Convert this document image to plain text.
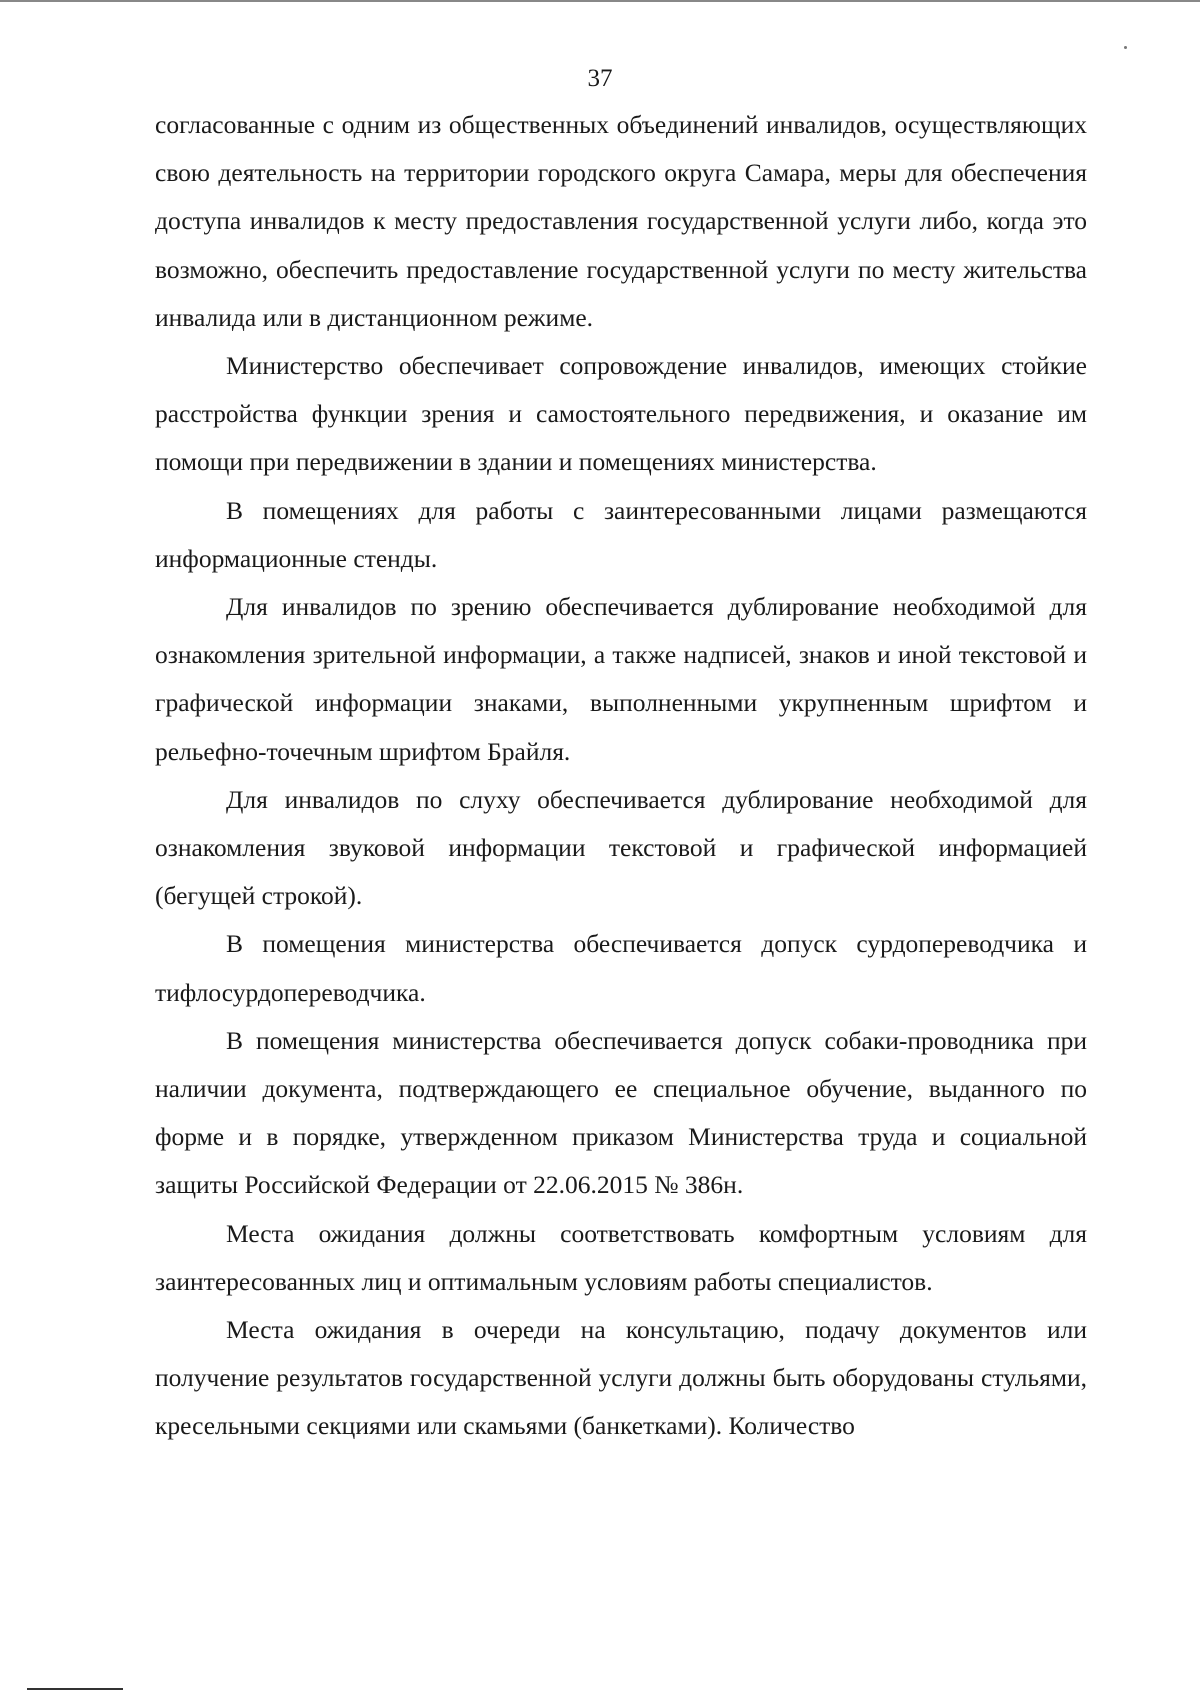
37

согласованные с одним из общественных объединений инвалидов, осуществляющих свою деятельность на территории городского округа Самара, меры для обеспечения доступа инвалидов к месту предоставления государственной услуги либо, когда это возможно, обеспечить предоставление государственной услуги по месту жительства инвалида или в дистанционном режиме.

Министерство обеспечивает сопровождение инвалидов, имеющих стойкие расстройства функции зрения и самостоятельного передвижения, и оказание им помощи при передвижении в здании и помещениях министерства.

В помещениях для работы с заинтересованными лицами размещаются информационные стенды.

Для инвалидов по зрению обеспечивается дублирование необходимой для ознакомления зрительной информации, а также надписей, знаков и иной текстовой и графической информации знаками, выполненными укрупненным шрифтом и рельефно-точечным шрифтом Брайля.

Для инвалидов по слуху обеспечивается дублирование необходимой для ознакомления звуковой информации текстовой и графической информацией (бегущей строкой).

В помещения министерства обеспечивается допуск сурдопереводчика и тифлосурдопереводчика.

В помещения министерства обеспечивается допуск собаки-проводника при наличии документа, подтверждающего ее специальное обучение, выданного по форме и в порядке, утвержденном приказом Министерства труда и социальной защиты Российской Федерации от 22.06.2015 № 386н.

Места ожидания должны соответствовать комфортным условиям для заинтересованных лиц и оптимальным условиям работы специалистов.

Места ожидания в очереди на консультацию, подачу документов или получение результатов государственной услуги должны быть оборудованы стульями, кресельными секциями или скамьями (банкетками). Количество
